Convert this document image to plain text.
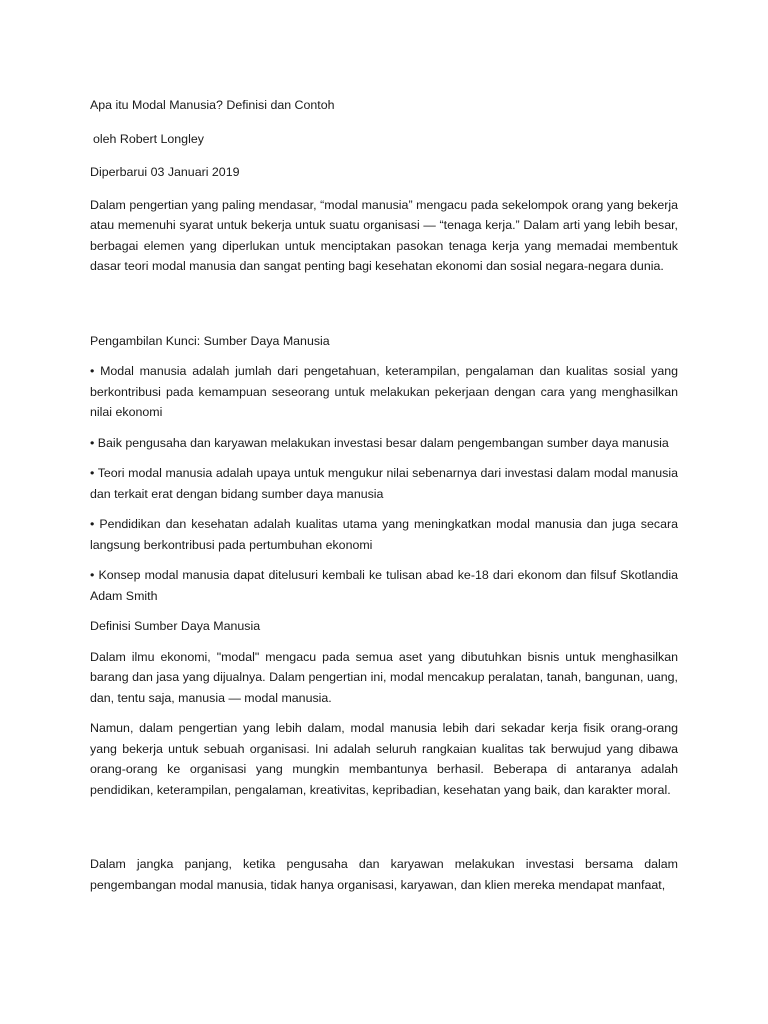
Apa itu Modal Manusia? Definisi dan Contoh

oleh Robert Longley

Diperbarui 03 Januari 2019

Dalam pengertian yang paling mendasar, “modal manusia” mengacu pada sekelompok orang yang bekerja atau memenuhi syarat untuk bekerja untuk suatu organisasi — “tenaga kerja.” Dalam arti yang lebih besar, berbagai elemen yang diperlukan untuk menciptakan pasokan tenaga kerja yang memadai membentuk dasar teori modal manusia dan sangat penting bagi kesehatan ekonomi dan sosial negara-negara dunia.

Pengambilan Kunci: Sumber Daya Manusia

• Modal manusia adalah jumlah dari pengetahuan, keterampilan, pengalaman dan kualitas sosial yang berkontribusi pada kemampuan seseorang untuk melakukan pekerjaan dengan cara yang menghasilkan nilai ekonomi

• Baik pengusaha dan karyawan melakukan investasi besar dalam pengembangan sumber daya manusia

• Teori modal manusia adalah upaya untuk mengukur nilai sebenarnya dari investasi dalam modal manusia dan terkait erat dengan bidang sumber daya manusia

• Pendidikan dan kesehatan adalah kualitas utama yang meningkatkan modal manusia dan juga secara langsung berkontribusi pada pertumbuhan ekonomi

• Konsep modal manusia dapat ditelusuri kembali ke tulisan abad ke-18 dari ekonom dan filsuf Skotlandia Adam Smith

Definisi Sumber Daya Manusia

Dalam ilmu ekonomi, "modal" mengacu pada semua aset yang dibutuhkan bisnis untuk menghasilkan barang dan jasa yang dijualnya. Dalam pengertian ini, modal mencakup peralatan, tanah, bangunan, uang, dan, tentu saja, manusia — modal manusia.

Namun, dalam pengertian yang lebih dalam, modal manusia lebih dari sekadar kerja fisik orang-orang yang bekerja untuk sebuah organisasi. Ini adalah seluruh rangkaian kualitas tak berwujud yang dibawa orang-orang ke organisasi yang mungkin membantunya berhasil. Beberapa di antaranya adalah pendidikan, keterampilan, pengalaman, kreativitas, kepribadian, kesehatan yang baik, dan karakter moral.

Dalam jangka panjang, ketika pengusaha dan karyawan melakukan investasi bersama dalam pengembangan modal manusia, tidak hanya organisasi, karyawan, dan klien mereka mendapat manfaat,
